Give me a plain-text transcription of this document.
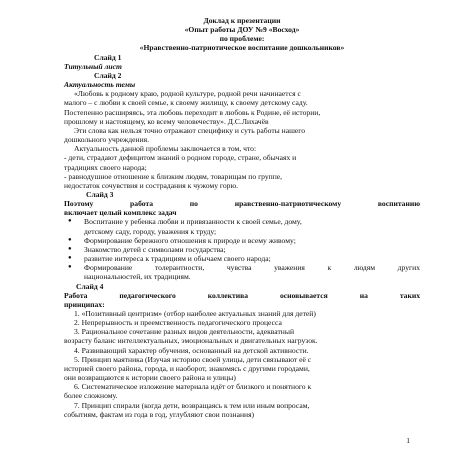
Доклад к презентации
«Опыт работы ДОУ №9 «Восход»
по проблеме:
«Нравственно-патриотическое воспитание дошкольников»
Слайд 1
Титульный лист
Слайд 2
Актуальность темы
«Любовь к родному краю, родной культуре, родной речи начинается с
малого – с любви к своей семье, к своему жилищу, к своему детскому саду.
Постепенно расширяясь, эта любовь переходит в любовь к Родине, её истории,
прошлому и настоящему, ко всему человечеству». Д.С.Лихачёв
Эти слова как нельзя точно отражают специфику и суть работы нашего
дошкольного учреждения.
Актуальность данной проблемы заключается в том, что:
- дети, страдают дефицитом знаний о родном городе, стране, обычаях и
традициях своего народа;
- равнодушное отношение к близким людям, товарищам по группе,
недостаток сочувствия и сострадания к чужому горю.
Слайд 3
Поэтому работа по нравственно-патриотическому воспитанию
включает целый комплекс задач
● Воспитание у ребенка любви и привязанности к своей семье, дому,
детскому саду, городу, уважения к труду;
● Формирование бережного отношения к природе и всему живому;
● Знакомство детей с символами государства;
● развитие интереса к традициям и обычаем своего народа;
● Формирование толерантности, чувства уважения к людям других
национальностей, их традициям.
Слайд 4
Работа педагогического коллектива основывается на таких
принципах:
1. «Позитивный центризм» (отбор наиболее актуальных знаний для детей)
2. Непрерывность и преемственность педагогического процесса
3. Рациональное сочетание разных видов деятельности, адекватный
возрасту баланс интеллектуальных, эмоциональных и двигательных нагрузок.
4. Развивающий характер обучения, основанный на детской активности.
5. Принцип маятника (Изучая историю своей улицы, дети связывают её с
историей своего района, города, и наоборот, знакомясь с другими городами,
они возвращаются к истории своего района и улицы)
6. Систематическое изложение материала идёт от близкого и понятного к
более сложному.
7. Принцип спирали (когда дети, возвращаясь к тем или иным вопросам,
событиям, фактам из года в год, углубляют свои познания)
1
